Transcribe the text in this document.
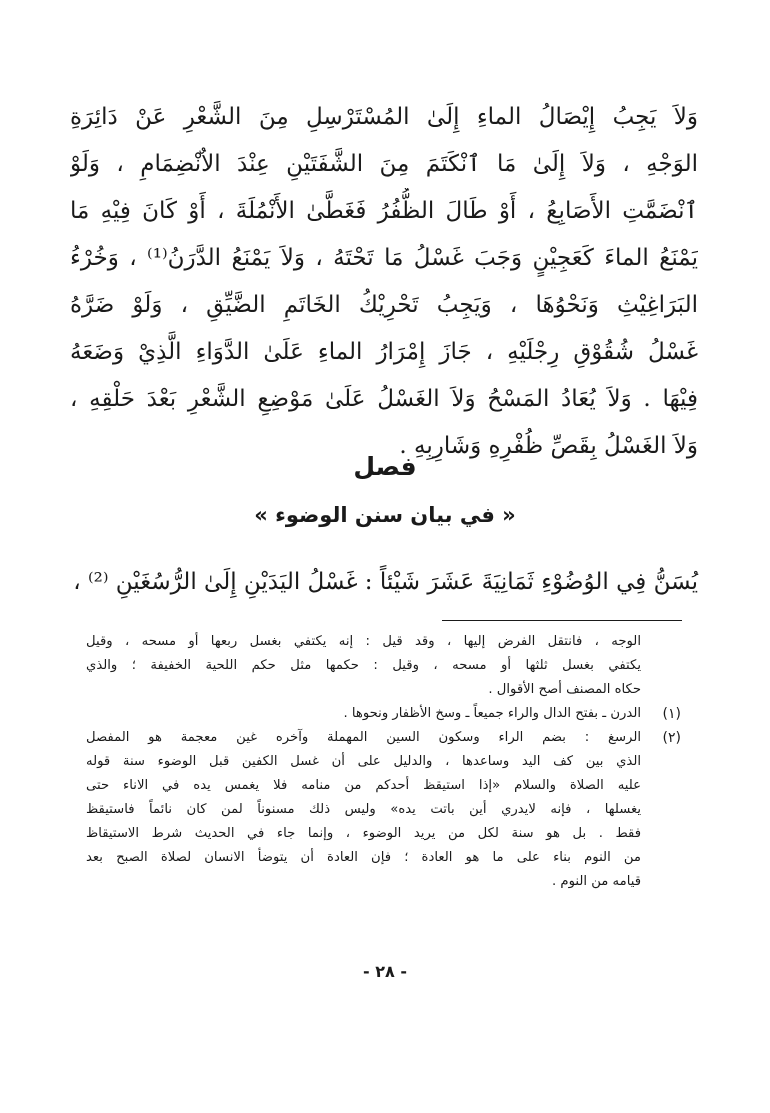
وَلاَ يَجِبُ إِيْصَالُ الماءِ إِلَىٰ المُسْتَرْسِلِ مِنَ الشَّعْرِ عَنْ دَائِرَةِ
الوَجْهِ ، وَلاَ إِلَىٰ مَا ٱنْكَتَمَ مِنَ الشَّفَتَيْنِ عِنْدَ الاٌنْضِمَامِ ، وَلَوْ
ٱنْضَمَّتِ الأَصَابِعُ ، أَوْ طَالَ الظُّفُرُ فَغَطَّىٰ الأَنْمُلَةَ ، أَوْ كَانَ فِيْهِ مَا
يَمْنَعُ الماءَ كَعَجِيْنٍ وَجَبَ غَسْلُ مَا تَحْتَهُ ، وَلاَ يَمْنَعُ الدَّرَنُ⁽¹⁾ ، وَخُرْءُ
البَرَاغِيْثِ وَنَحْوُهَا ، وَيَجِبُ تَحْرِيْكُ الخَاتَمِ الضَّيِّقِ ، وَلَوْ ضَرَّهُ
غَسْلُ شُقُوْقِ رِجْلَيْهِ ، جَازَ إِمْرَارُ الماءِ عَلَىٰ الدَّوَاءِ الَّذِيْ وَضَعَهُ
فِيْهَا . وَلاَ يُعَادُ المَسْحُ وَلاَ الغَسْلُ عَلَىٰ مَوْضِعِ الشَّعْرِ بَعْدَ حَلْقِهِ ،
وَلاَ الغَسْلُ بِقَصِّ ظُفْرِهِ وَشَارِبِهِ .
فصل
« في بيان سنن الوضوء »
يُسَنُّ فِي الوُضُوْءِ ثَمَانِيَةَ عَشَرَ شَيْئاً : غَسْلُ اليَدَيْنِ إِلَىٰ الرُّسُغَيْنِ ⁽²⁾ ،
الوجه ، فانتقل الفرض إليها ، وقد قيل : إنه يكتفي بغسل ربعها أو مسحه ، وقيل
يكتفي بغسل ثلثها أو مسحه ، وقيل : حكمها مثل حكم اللحية الخفيفة ؛ والذي
حكاه المصنف أصح الأقوال .
(١)
الدرن ـ بفتح الدال والراء جميعاً ـ وسخ الأظفار ونحوها .
(٢)
الرسغ : بضم الراء وسكون السين المهملة وآخره غين معجمة هو المفصل
الذي بين كف اليد وساعدها ، والدليل على أن غسل الكفين قبل الوضوء سنة قوله
عليه الصلاة والسلام «إذا استيقظ أحدكم من منامه فلا يغمس يده في الاناء حتى
يغسلها ، فإنه لايدري أين باتت يده» وليس ذلك مسنوناً لمن كان نائماً فاستيقظ
فقط . بل هو سنة لكل من يريد الوضوء ، وإنما جاء في الحديث شرط الاستيقاظ
من النوم بناء على ما هو العادة ؛ فإن العادة أن يتوضأ الانسان لصلاة الصبح بعد
قيامه من النوم .
- ٢٨ -
